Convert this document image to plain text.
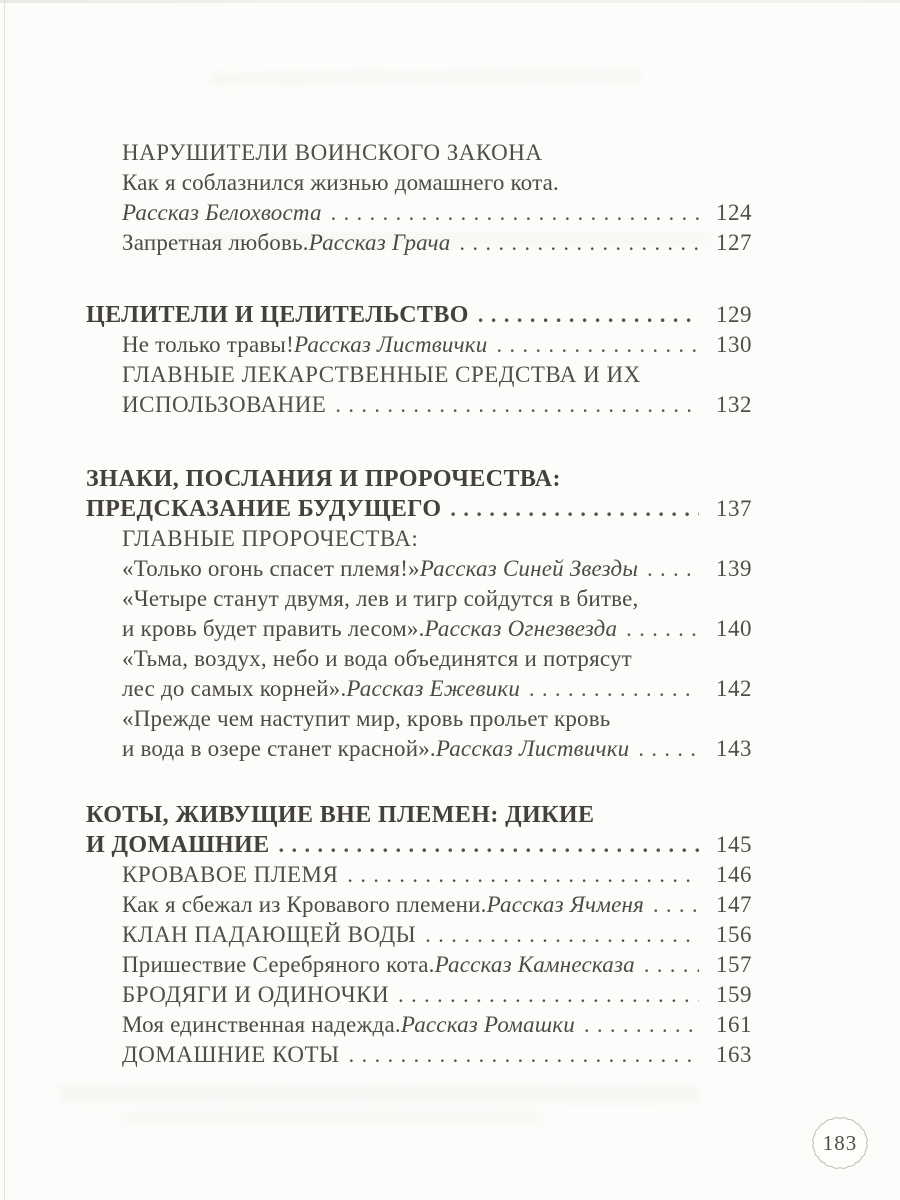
НАРУШИТЕЛИ ВОИНСКОГО ЗАКОНА
Как я соблазнился жизнью домашнего кота.
Рассказ Белохвоста . . .	124
Запретная любовь. Рассказ Грача . . .	127
ЦЕЛИТЕЛИ И ЦЕЛИТЕЛЬСТВО . . .	129
Не только травы! Рассказ Листвички . . .	130
ГЛАВНЫЕ ЛЕКАРСТВЕННЫЕ СРЕДСТВА И ИХ
ИСПОЛЬЗОВАНИЕ . . .	132
ЗНАКИ, ПОСЛАНИЯ И ПРОРОЧЕСТВА:
ПРЕДСКАЗАНИЕ БУДУЩЕГО . . .	137
ГЛАВНЫЕ ПРОРОЧЕСТВА:
«Только огонь спасет племя!» Рассказ Синей Звезды . . .	139
«Четыре станут двумя, лев и тигр сойдутся в битве,
и кровь будет править лесом». Рассказ Огнезвезда . . .	140
«Тьма, воздух, небо и вода объединятся и потрясут
лес до самых корней». Рассказ Ежевики . . .	142
«Прежде чем наступит мир, кровь прольет кровь
и вода в озере станет красной». Рассказ Листвички . . .	143
КОТЫ, ЖИВУЩИЕ ВНЕ ПЛЕМЕН: ДИКИЕ
И ДОМАШНИЕ . . .	145
КРОВАВОЕ ПЛЕМЯ . . .	146
Как я сбежал из Кровавого племени. Рассказ Ячменя . . .	147
КЛАН ПАДАЮЩЕЙ ВОДЫ . . .	156
Пришествие Серебряного кота. Рассказ Камнесказа . . .	157
БРОДЯГИ И ОДИНОЧКИ . . .	159
Моя единственная надежда. Рассказ Ромашки . . .	161
ДОМАШНИЕ КОТЫ . . .	163
183
